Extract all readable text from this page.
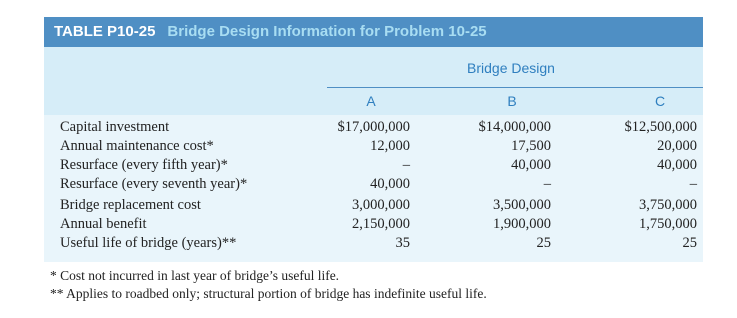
TABLE P10-25 Bridge Design Information for Problem 10-25
Bridge Design
A	B	C
Capital investment	$17,000,000	$14,000,000	$12,500,000
Annual maintenance cost*	12,000	17,500	20,000
Resurface (every fifth year)*	–	40,000	40,000
Resurface (every seventh year)*	40,000	–	–
Bridge replacement cost	3,000,000	3,500,000	3,750,000
Annual benefit	2,150,000	1,900,000	1,750,000
Useful life of bridge (years)**	35	25	25
* Cost not incurred in last year of bridge’s useful life.
** Applies to roadbed only; structural portion of bridge has indefinite useful life.
